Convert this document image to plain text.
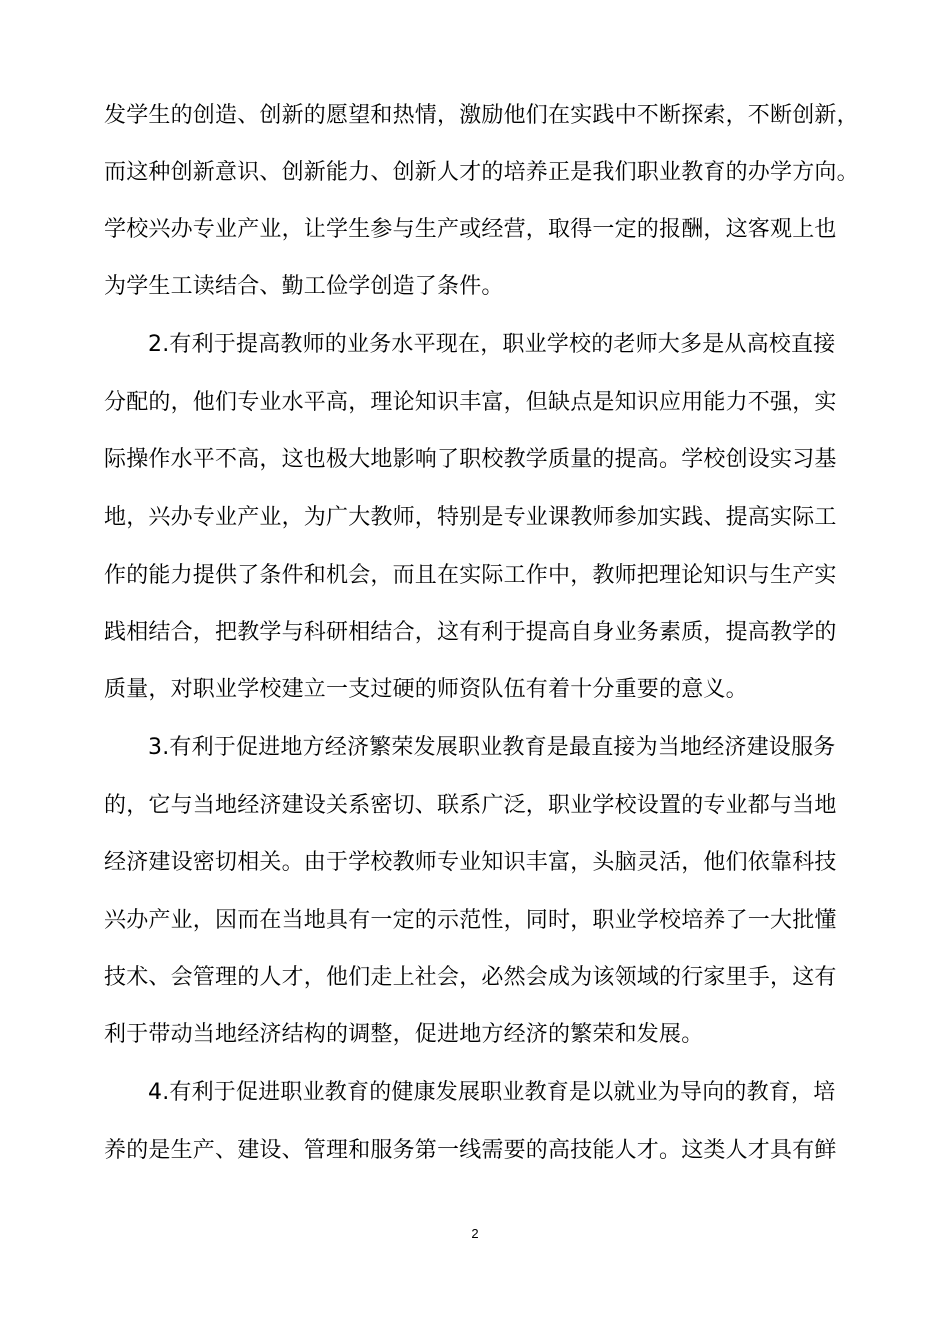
发学生的创造、创新的愿望和热情，激励他们在实践中不断探索，不断创新，
而这种创新意识、创新能力、创新人才的培养正是我们职业教育的办学方向。
学校兴办专业产业，让学生参与生产或经营，取得一定的报酬，这客观上也
为学生工读结合、勤工俭学创造了条件。
2.有利于提高教师的业务水平现在，职业学校的老师大多是从高校直接
分配的，他们专业水平高，理论知识丰富，但缺点是知识应用能力不强，实
际操作水平不高，这也极大地影响了职校教学质量的提高。学校创设实习基
地，兴办专业产业，为广大教师，特别是专业课教师参加实践、提高实际工
作的能力提供了条件和机会，而且在实际工作中，教师把理论知识与生产实
践相结合，把教学与科研相结合，这有利于提高自身业务素质，提高教学的
质量，对职业学校建立一支过硬的师资队伍有着十分重要的意义。
3.有利于促进地方经济繁荣发展职业教育是最直接为当地经济建设服务
的，它与当地经济建设关系密切、联系广泛，职业学校设置的专业都与当地
经济建设密切相关。由于学校教师专业知识丰富，头脑灵活，他们依靠科技
兴办产业，因而在当地具有一定的示范性，同时，职业学校培养了一大批懂
技术、会管理的人才，他们走上社会，必然会成为该领域的行家里手，这有
利于带动当地经济结构的调整，促进地方经济的繁荣和发展。
4.有利于促进职业教育的健康发展职业教育是以就业为导向的教育，培
养的是生产、建设、管理和服务第一线需要的高技能人才。这类人才具有鲜
2
